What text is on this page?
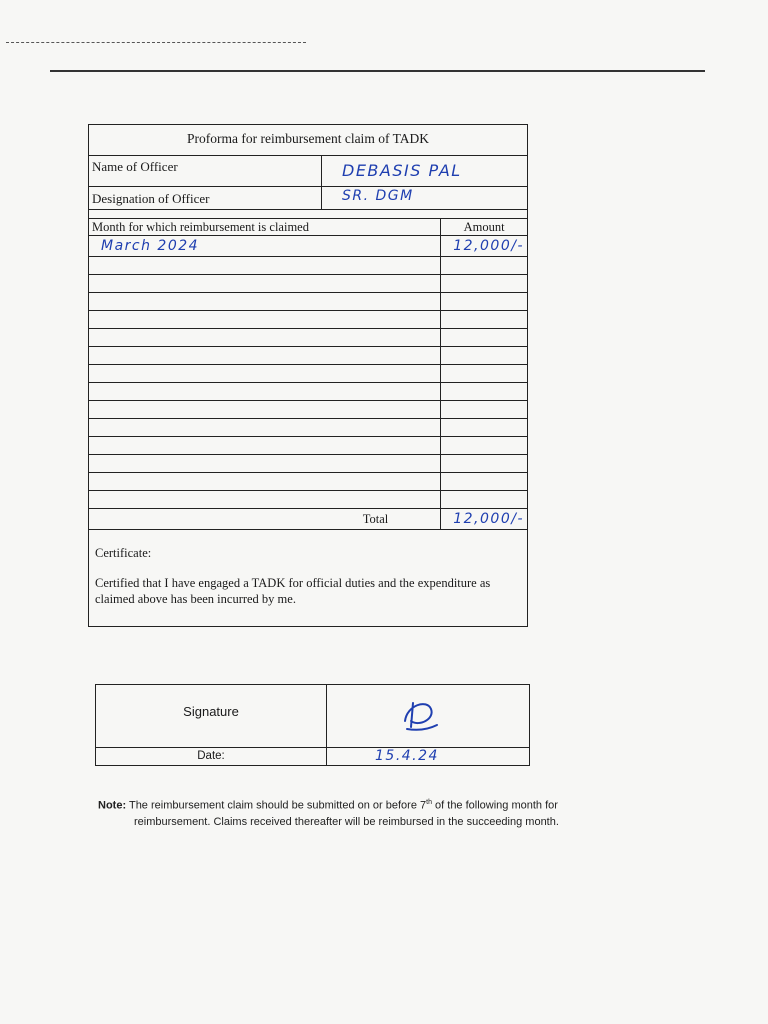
Proforma for reimbursement claim of TADK
Name of Officer	DEBASIS PAL
Designation of Officer	SR. DGM
Month for which reimbursement is claimed	Amount
March 2024	12,000/-

Total	12,000/-
Certificate:
Certified that I have engaged a TADK for official duties and the expenditure as claimed above has been incurred by me.
Signature
Date:	15.4.24
Note: The reimbursement claim should be submitted on or before 7th of the following month for
reimbursement. Claims received thereafter will be reimbursed in the succeeding month.
